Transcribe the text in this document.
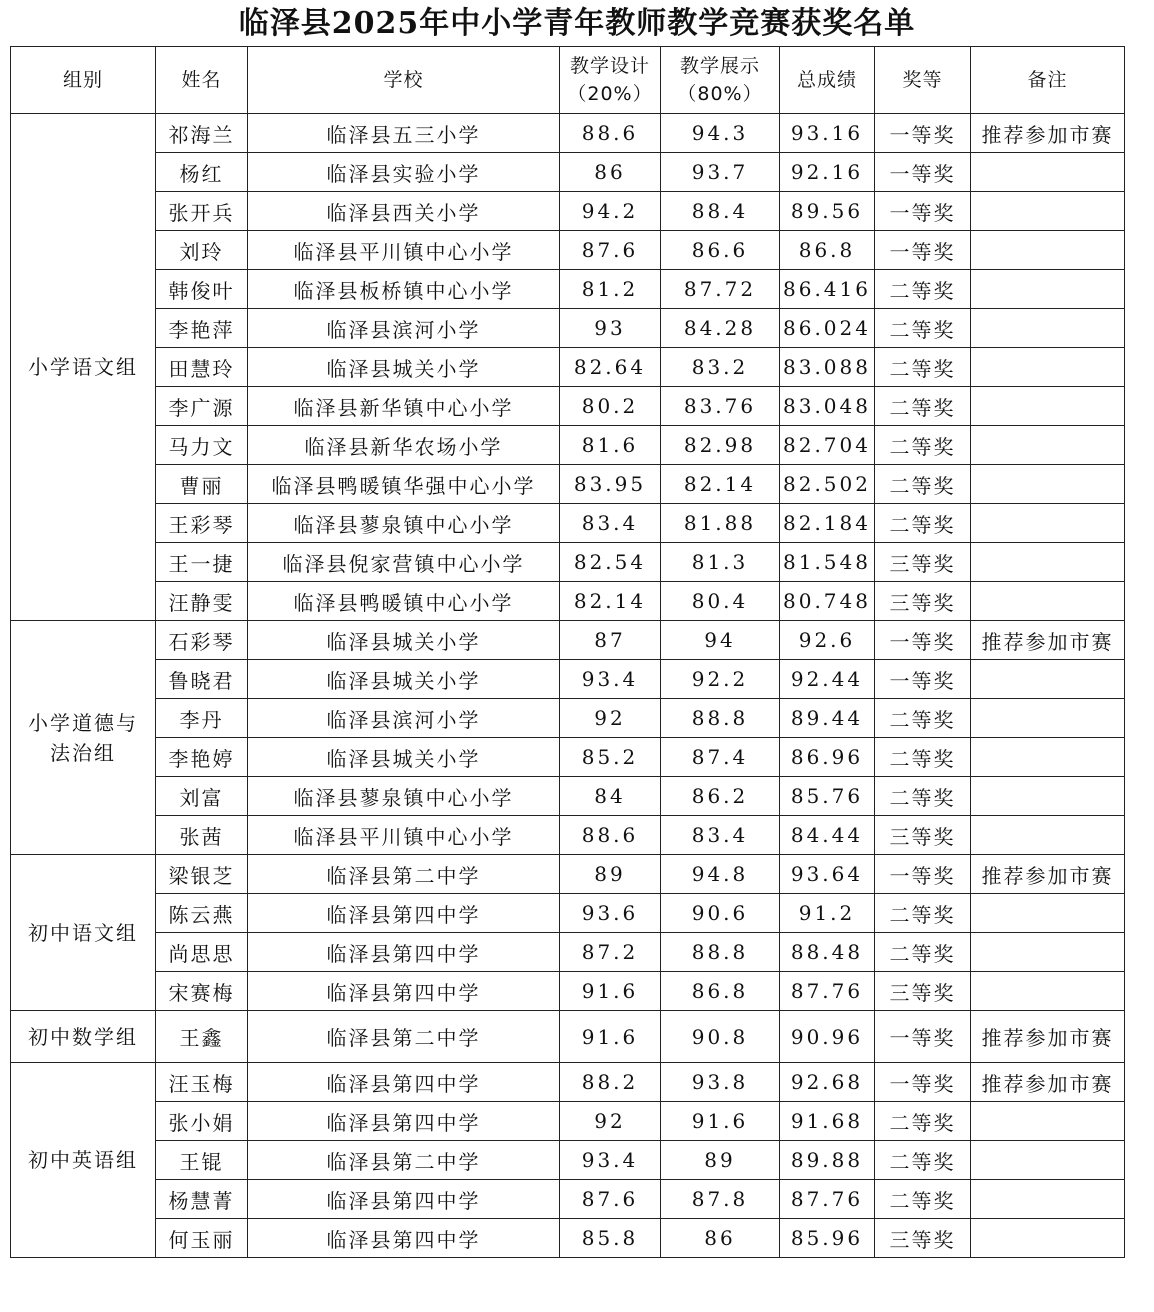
临泽县2025年中小学青年教师教学竞赛获奖名单
组别	姓名	学校	教学设计（20%）	教学展示（80%）	总成绩	奖等	备注
小学语文组	祁海兰	临泽县五三小学	88.6	94.3	93.16	一等奖	推荐参加市赛
	杨红	临泽县实验小学	86	93.7	92.16	一等奖	
	张开兵	临泽县西关小学	94.2	88.4	89.56	一等奖	
	刘玲	临泽县平川镇中心小学	87.6	86.6	86.8	一等奖	
	韩俊叶	临泽县板桥镇中心小学	81.2	87.72	86.416	二等奖	
	李艳萍	临泽县滨河小学	93	84.28	86.024	二等奖	
	田慧玲	临泽县城关小学	82.64	83.2	83.088	二等奖	
	李广源	临泽县新华镇中心小学	80.2	83.76	83.048	二等奖	
	马力文	临泽县新华农场小学	81.6	82.98	82.704	二等奖	
	曹丽	临泽县鸭暖镇华强中心小学	83.95	82.14	82.502	二等奖	
	王彩琴	临泽县蓼泉镇中心小学	83.4	81.88	82.184	二等奖	
	王一捷	临泽县倪家营镇中心小学	82.54	81.3	81.548	三等奖	
	汪静雯	临泽县鸭暖镇中心小学	82.14	80.4	80.748	三等奖	
小学道德与法治组	石彩琴	临泽县城关小学	87	94	92.6	一等奖	推荐参加市赛
	鲁晓君	临泽县城关小学	93.4	92.2	92.44	一等奖	
	李丹	临泽县滨河小学	92	88.8	89.44	二等奖	
	李艳婷	临泽县城关小学	85.2	87.4	86.96	二等奖	
	刘富	临泽县蓼泉镇中心小学	84	86.2	85.76	二等奖	
	张茜	临泽县平川镇中心小学	88.6	83.4	84.44	三等奖	
初中语文组	梁银芝	临泽县第二中学	89	94.8	93.64	一等奖	推荐参加市赛
	陈云燕	临泽县第四中学	93.6	90.6	91.2	二等奖	
	尚思思	临泽县第四中学	87.2	88.8	88.48	二等奖	
	宋赛梅	临泽县第四中学	91.6	86.8	87.76	三等奖	
初中数学组	王鑫	临泽县第二中学	91.6	90.8	90.96	一等奖	推荐参加市赛
初中英语组	汪玉梅	临泽县第四中学	88.2	93.8	92.68	一等奖	推荐参加市赛
	张小娟	临泽县第四中学	92	91.6	91.68	二等奖	
	王锟	临泽县第二中学	93.4	89	89.88	二等奖	
	杨慧菁	临泽县第四中学	87.6	87.8	87.76	二等奖	
	何玉丽	临泽县第四中学	85.8	86	85.96	三等奖	
